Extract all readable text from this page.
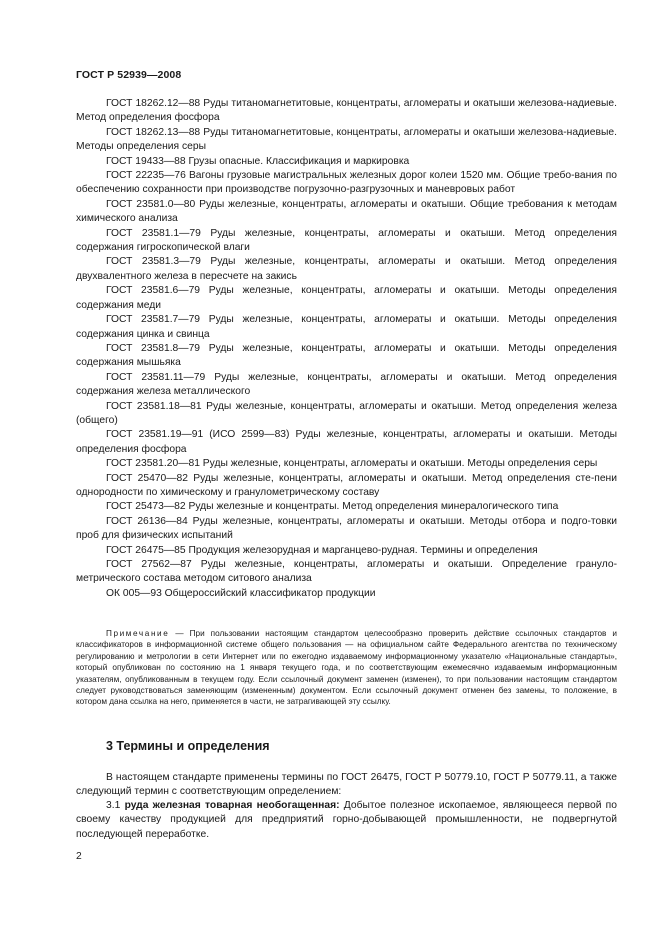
ГОСТ Р 52939—2008

ГОСТ 18262.12—88 Руды титаномагнетитовые, концентраты, агломераты и окатыши железова-надиевые. Метод определения фосфора

ГОСТ 18262.13—88 Руды титаномагнетитовые, концентраты, агломераты и окатыши железова-надиевые. Методы определения серы

ГОСТ 19433—88 Грузы опасные. Классификация и маркировка

ГОСТ 22235—76 Вагоны грузовые магистральных железных дорог колеи 1520 мм. Общие требо-вания по обеспечению сохранности при производстве погрузочно-разгрузочных и маневровых работ

ГОСТ 23581.0—80 Руды железные, концентраты, агломераты и окатыши. Общие требования к методам химического анализа

ГОСТ 23581.1—79 Руды железные, концентраты, агломераты и окатыши. Метод определения содержания гигроскопической влаги

ГОСТ 23581.3—79 Руды железные, концентраты, агломераты и окатыши. Метод определения двухвалентного железа в пересчете на закись

ГОСТ 23581.6—79 Руды железные, концентраты, агломераты и окатыши. Методы определения содержания меди

ГОСТ 23581.7—79 Руды железные, концентраты, агломераты и окатыши. Методы определения содержания цинка и свинца

ГОСТ 23581.8—79 Руды железные, концентраты, агломераты и окатыши. Методы определения содержания мышьяка

ГОСТ 23581.11—79 Руды железные, концентраты, агломераты и окатыши. Метод определения содержания железа металлического

ГОСТ 23581.18—81 Руды железные, концентраты, агломераты и окатыши. Метод определения железа (общего)

ГОСТ 23581.19—91 (ИСО 2599—83) Руды железные, концентраты, агломераты и окатыши. Методы определения фосфора

ГОСТ 23581.20—81 Руды железные, концентраты, агломераты и окатыши. Методы определения серы

ГОСТ 25470—82 Руды железные, концентраты, агломераты и окатыши. Метод определения сте-пени однородности по химическому и гранулометрическому составу

ГОСТ 25473—82 Руды железные и концентраты. Метод определения минералогического типа

ГОСТ 26136—84 Руды железные, концентраты, агломераты и окатыши. Методы отбора и подго-товки проб для физических испытаний

ГОСТ 26475—85 Продукция железорудная и марганцево-рудная. Термины и определения

ГОСТ 27562—87 Руды железные, концентраты, агломераты и окатыши. Определение грануло-метрического состава методом ситового анализа

ОК 005—93 Общероссийский классификатор продукции

Примечание — При пользовании настоящим стандартом целесообразно проверить действие ссылочных стандартов и классификаторов в информационной системе общего пользования — на официальном сайте Федерального агентства по техническому регулированию и метрологии в сети Интернет или по ежегодно издаваемому информационному указателю «Национальные стандарты», который опубликован по состоянию на 1 января текущего года, и по соответствующим ежемесячно издаваемым информационным указателям, опубликованным в текущем году. Если ссылочный документ заменен (изменен), то при пользовании настоящим стандартом следует руководствоваться заменяющим (измененным) документом. Если ссылочный документ отменен без замены, то положение, в котором дана ссылка на него, применяется в части, не затрагивающей эту ссылку.
3 Термины и определения

В настоящем стандарте применены термины по ГОСТ 26475, ГОСТ Р 50779.10, ГОСТ Р 50779.11, а также следующий термин с соответствующим определением:

3.1 руда железная товарная необогащенная: Добытое полезное ископаемое, являющееся первой по своему качеству продукцией для предприятий горно-добывающей промышленности, не подвергнутой последующей переработке.

2
